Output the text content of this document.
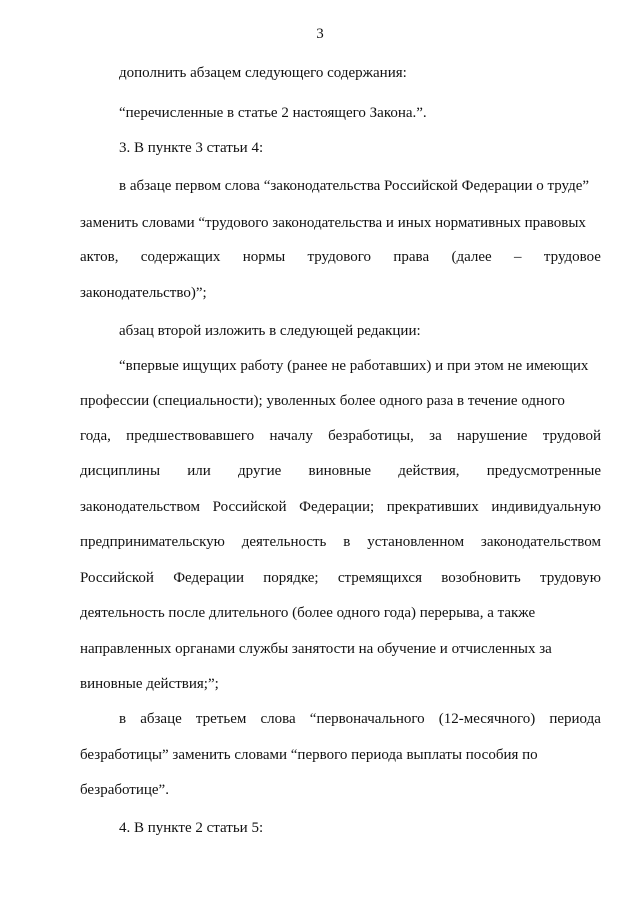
3
дополнить абзацем следующего содержания:
“перечисленные в статье 2 настоящего Закона.”.
3. В пункте 3 статьи 4:
в абзаце первом слова “законодательства Российской Федерации о труде”
заменить словами “трудового законодательства и иных нормативных правовых
актов, содержащих нормы трудового права (далее – трудовое
законодательство)”;
абзац второй изложить в следующей редакции:
“впервые ищущих работу (ранее не работавших) и при этом не имеющих
профессии (специальности); уволенных более одного раза в течение одного
года, предшествовавшего началу безработицы, за нарушение трудовой
дисциплины или другие виновные действия, предусмотренные
законодательством Российской Федерации; прекративших индивидуальную
предпринимательскую деятельность в установленном законодательством
Российской Федерации порядке; стремящихся возобновить трудовую
деятельность после длительного (более одного года) перерыва, а также
направленных органами службы занятости на обучение и отчисленных за
виновные действия;”;
в абзаце третьем слова “первоначального (12-месячного) периода
безработицы” заменить словами “первого периода выплаты пособия по
безработице”.
4. В пункте 2 статьи 5:
